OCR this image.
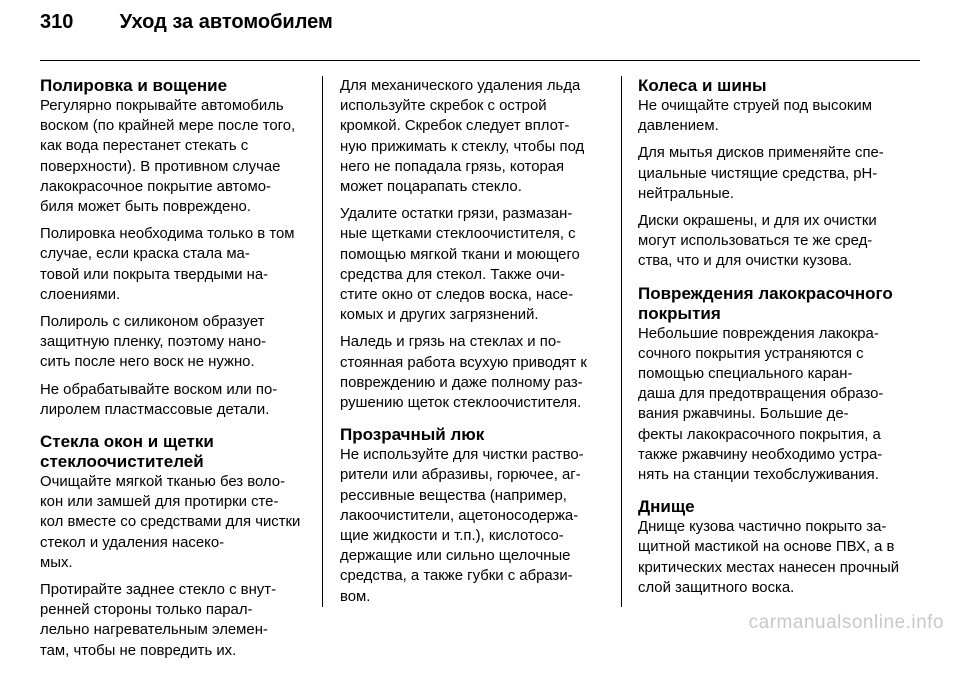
310 Уход за автомобилем
Полировка и вощение

Регулярно покрывайте автомобиль воском (по крайней мере после того, как вода перестанет стекать с поверхности). В противном случае лакокрасочное покрытие автомо-
биля может быть повреждено.

Полировка необходима только в том случае, если краска стала ма-
товой или покрыта твердыми на-
слоениями.

Полироль с силиконом образует защитную пленку, поэтому нано-
сить после него воск не нужно.

Не обрабатывайте воском или по-
лиролем пластмассовые детали.

Стекла окон и щетки стеклоочистителей

Очищайте мягкой тканью без воло-
кон или замшей для протирки сте-
кол вместе со средствами для чистки стекол и удаления насеко-
мых.

Протирайте заднее стекло с внут-
ренней стороны только парал-
лельно нагревательным элемен-
там, чтобы не повредить их.

Для механического удаления льда используйте скребок с острой кромкой. Скребок следует вплот-
ную прижимать к стеклу, чтобы под него не попадала грязь, которая может поцарапать стекло.

Удалите остатки грязи, размазан-
ные щетками стеклоочистителя, с помощью мягкой ткани и моющего средства для стекол. Также очи-
стите окно от следов воска, насе-
комых и других загрязнений.

Наледь и грязь на стеклах и по-
стоянная работа всухую приводят к повреждению и даже полному раз-
рушению щеток стеклоочистителя.

Прозрачный люк

Не используйте для чистки раство-
рители или абразивы, горючее, аг-
рессивные вещества (например, лакоочистители, ацетоносодержа-
щие жидкости и т.п.), кислотосо-
держащие или сильно щелочные средства, а также губки с абрази-
вом.

Колеса и шины

Не очищайте струей под высоким давлением.

Для мытья дисков применяйте спе-
циальные чистящие средства, pH-
нейтральные.

Диски окрашены, и для их очистки могут использоваться те же сред-
ства, что и для очистки кузова.

Повреждения лакокрасочного покрытия

Небольшие повреждения лакокра-
сочного покрытия устраняются с помощью специального каран-
даша для предотвращения образо-
вания ржавчины. Большие де-
фекты лакокрасочного покрытия, а также ржавчину необходимо устра-
нять на станции техобслуживания.

Днище

Днище кузова частично покрыто за-
щитной мастикой на основе ПВХ, а в критических местах нанесен прочный слой защитного воска.

carmanualsonline.info
